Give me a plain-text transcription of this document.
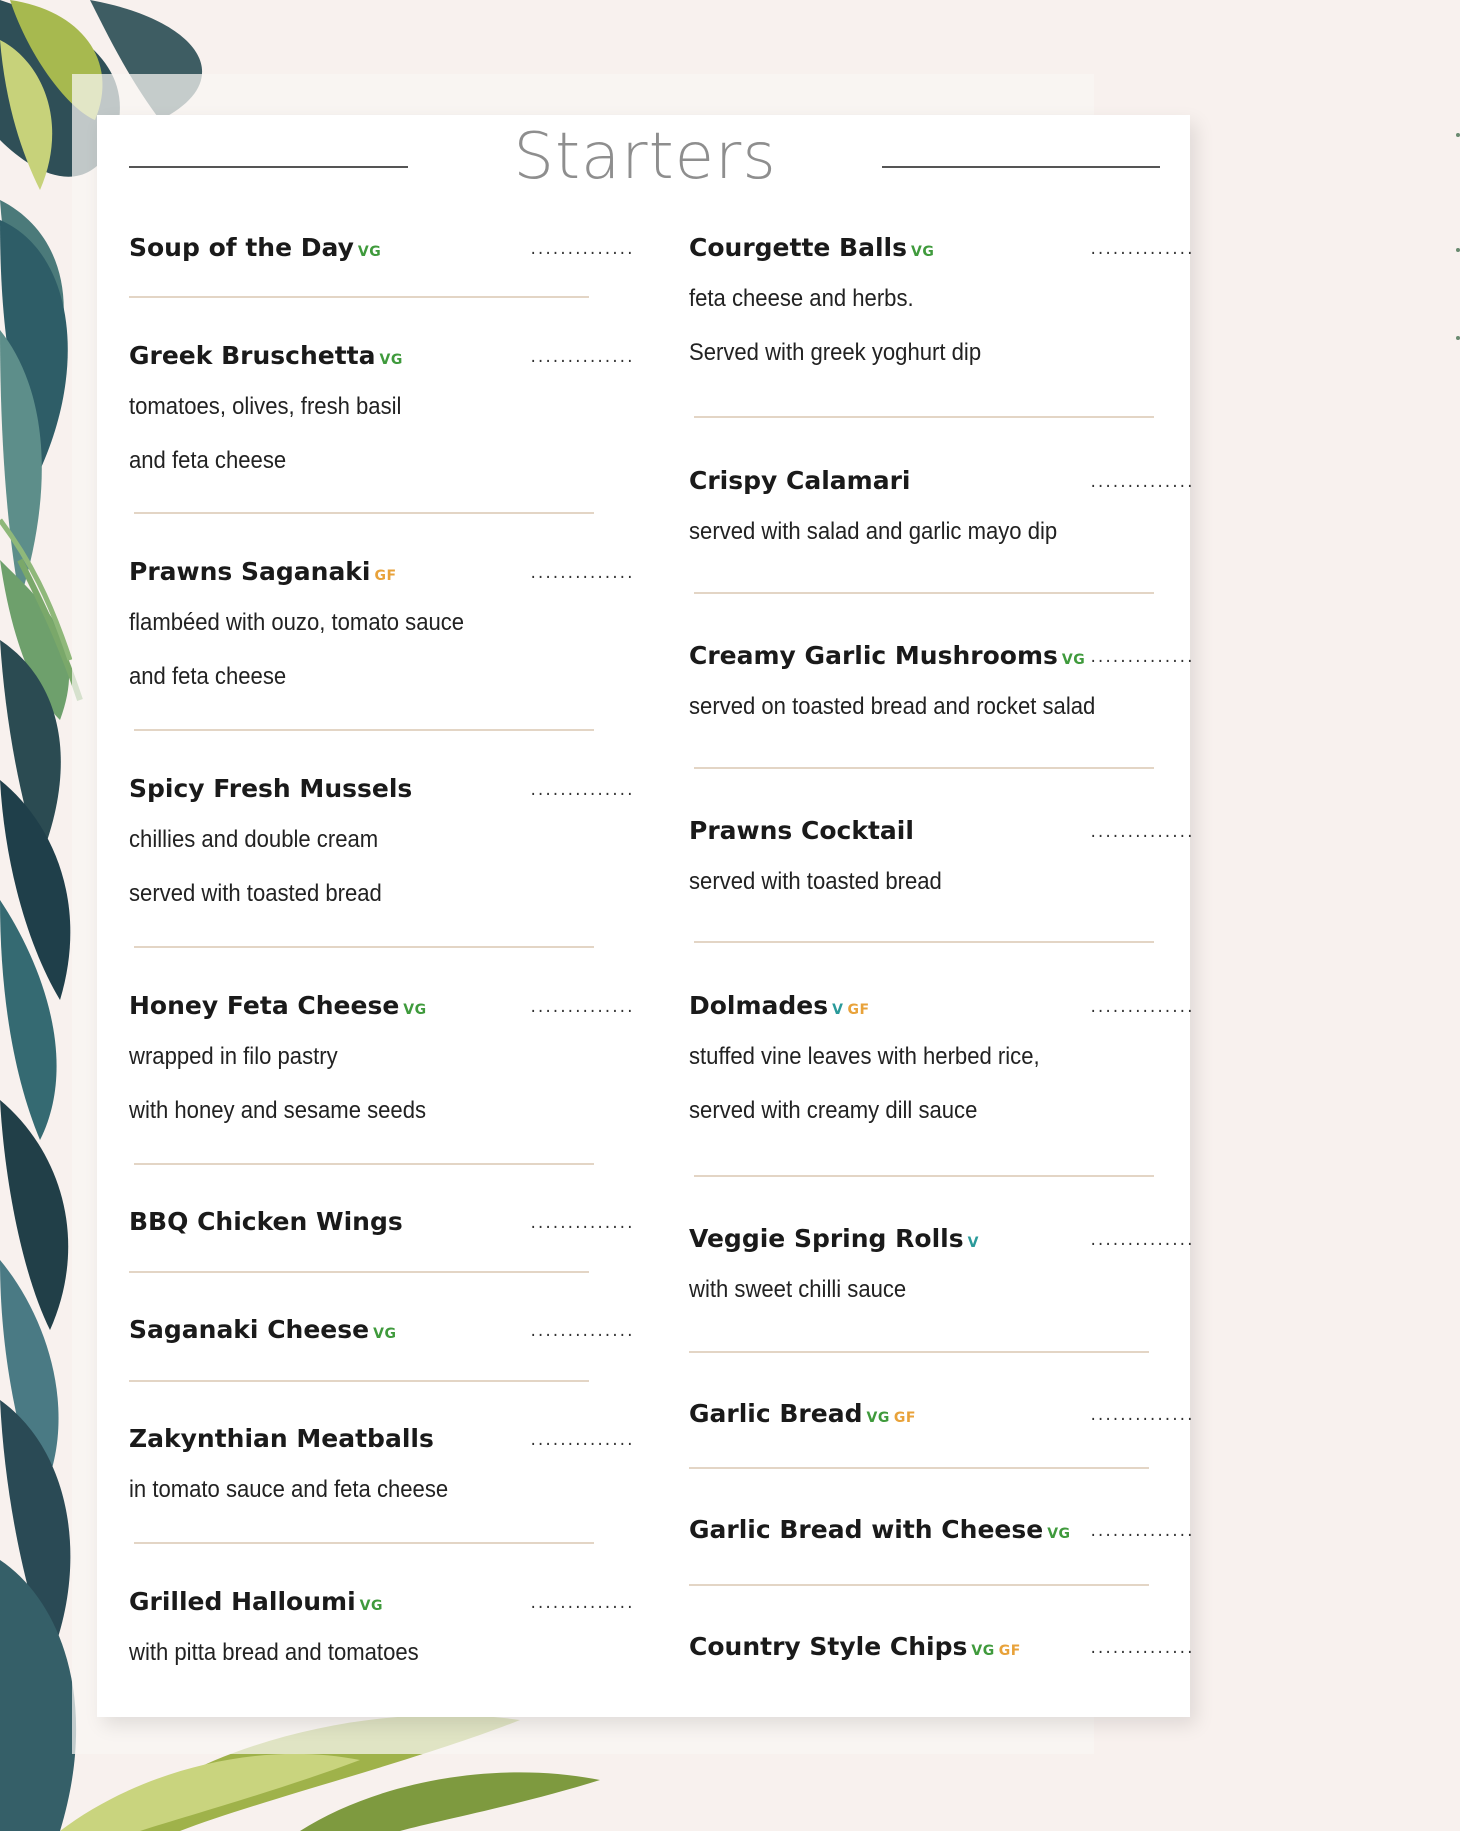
Starters
Soup of the Day VG	..............
Greek Bruschetta VG	..............
tomatoes, olives, fresh basil
and feta cheese
Prawns Saganaki GF	..............
flambéed with ouzo, tomato sauce
and feta cheese
Spicy Fresh Mussels	..............
chillies and double cream
served with toasted bread
Honey Feta Cheese VG	..............
wrapped in filo pastry
with honey and sesame seeds
BBQ Chicken Wings	..............
Saganaki Cheese VG	..............
Zakynthian Meatballs	..............
in tomato sauce and feta cheese
Grilled Halloumi VG	..............
with pitta bread and tomatoes
Courgette Balls VG	..............
feta cheese and herbs.
Served with greek yoghurt dip
Crispy Calamari	..............
served with salad and garlic mayo dip
Creamy Garlic Mushrooms VG ..............
served on toasted bread and rocket salad
Prawns Cocktail	..............
served with toasted bread
Dolmades V GF	..............
stuffed vine leaves with herbed rice,
served with creamy dill sauce
Veggie Spring Rolls V	..............
with sweet chilli sauce
Garlic Bread VG GF	..............
Garlic Bread with Cheese VG ..............
Country Style Chips VG GF	..............
